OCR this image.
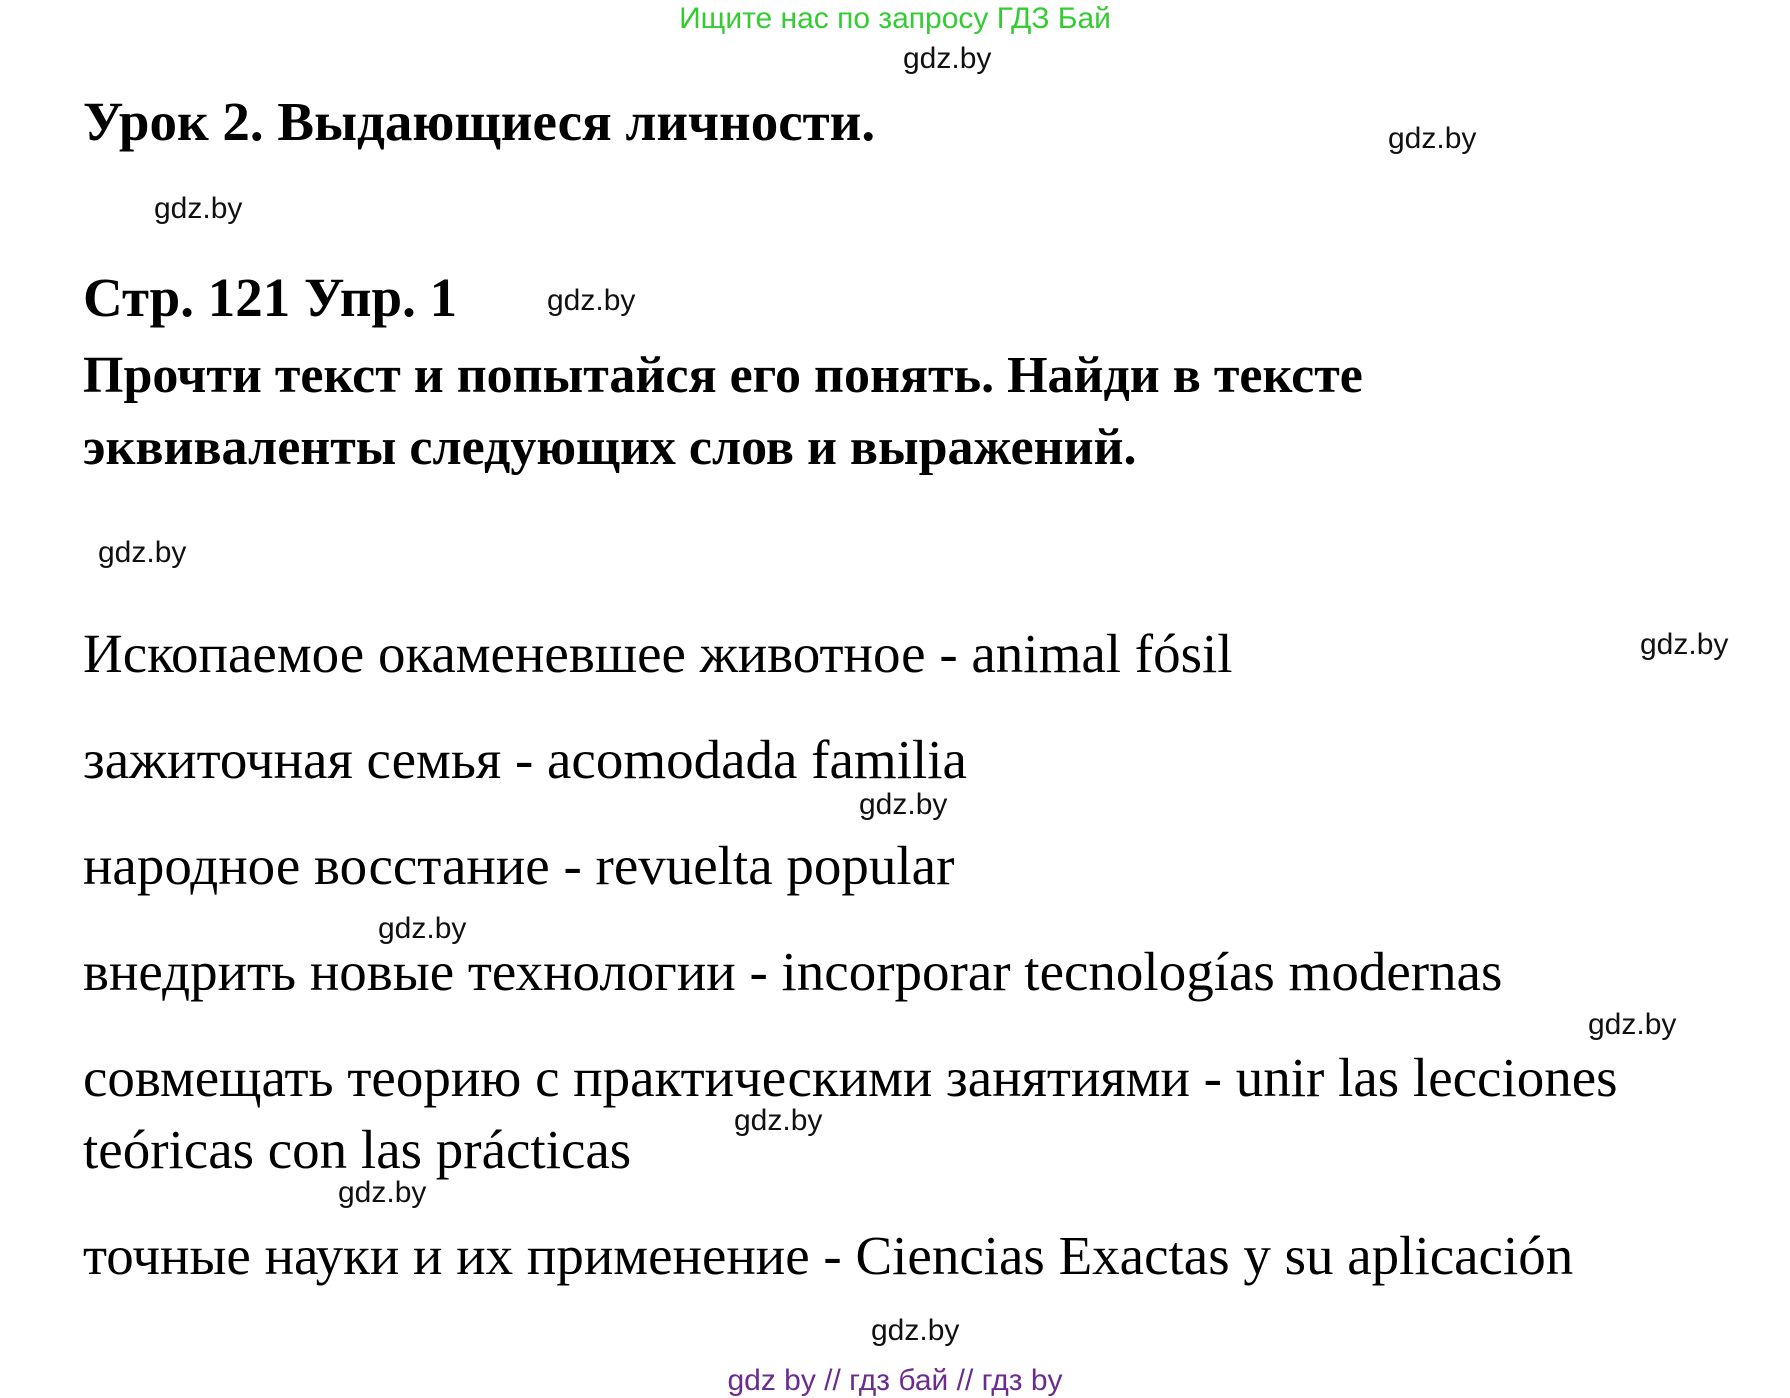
Ищите нас по запросу ГДЗ Бай
Урок 2. Выдающиеся личности.
Стр. 121 Упр. 1
Прочти текст и попытайся его понять. Найди в тексте эквиваленты следующих слов и выражений.
Ископаемое окаменевшее животное - animal fósil
зажиточная семья - acomodada familia
народное восстание - revuelta popular
внедрить новые технологии - incorporar tecnologías modernas
совмещать теорию с практическими занятиями - unir las lecciones teóricas con las prácticas
точные науки и их применение - Ciencias Exactas y su aplicación
gdz.by
gdz.by
gdz.by
gdz.by
gdz.by
gdz.by
gdz.by
gdz.by
gdz.by
gdz.by
gdz.by
gdz.by
gdz by // гдз бай // гдз by
